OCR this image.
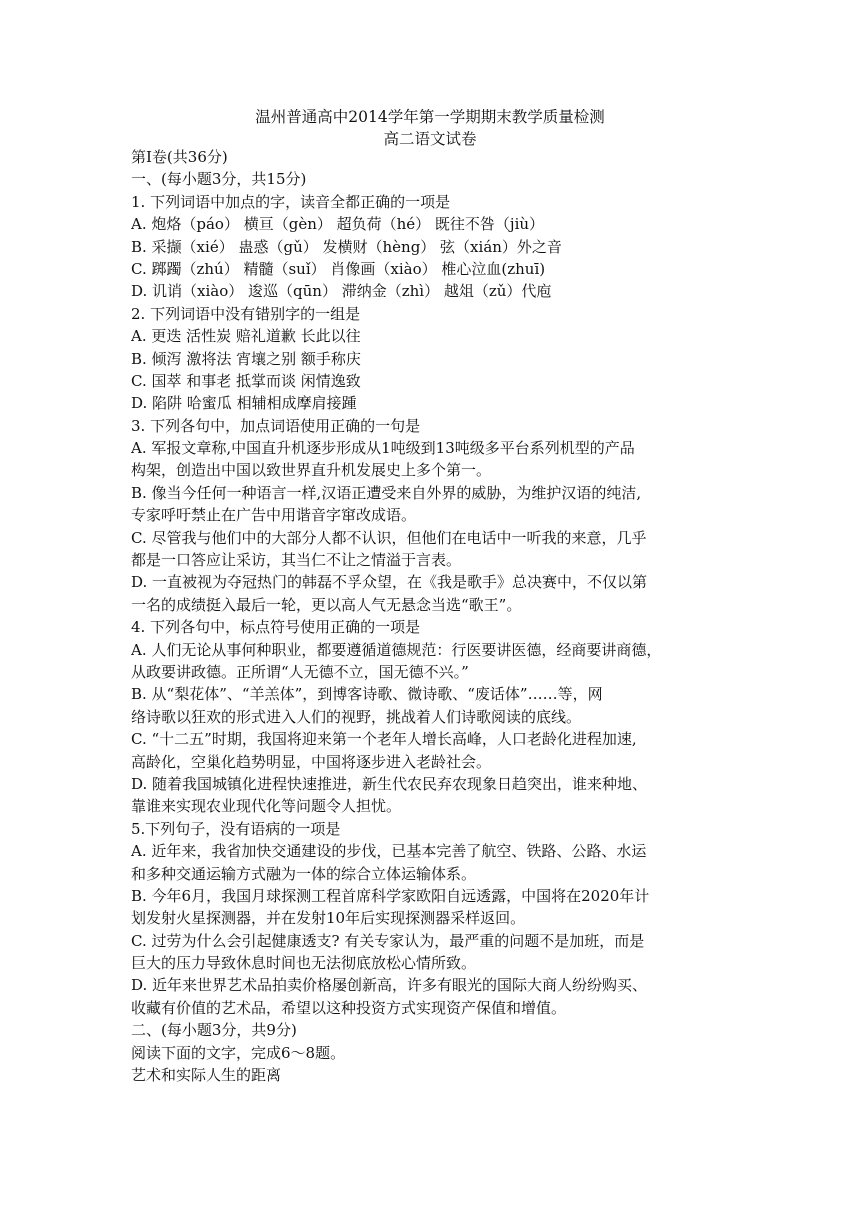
温州普通高中2014学年第一学期期末教学质量检测
高二语文试卷
第Ⅰ卷(共36分)
一、(每小题3分，共15分)
1. 下列词语中加点的字，读音全都正确的一项是
A. 炮烙（páo） 横亘（gèn） 超负荷（hé） 既往不咎（jiù）
B. 采撷（xié） 蛊惑（gǔ） 发横财（hèng） 弦（xián）外之音
C. 踯躅（zhú） 精髓（suǐ） 肖像画（xiào） 椎心泣血(zhuī)
D. 讥诮（xiào） 逡巡（qūn） 滞纳金（zhì） 越俎（zǔ）代庖
2. 下列词语中没有错别字的一组是
A. 更迭 活性炭 赔礼道歉 长此以往
B. 倾泻 激将法 宵壤之别 额手称庆
C. 国萃 和事老 抵掌而谈 闲情逸致
D. 陷阱 哈蜜瓜 相辅相成摩肩接踵
3. 下列各句中，加点词语使用正确的一句是
A. 军报文章称,中国直升机逐步形成从1吨级到13吨级多平台系列机型的产品
构架，创造出中国以致世界直升机发展史上多个第一。
B. 像当今任何一种语言一样,汉语正遭受来自外界的威胁，为维护汉语的纯洁,
专家呼吁禁止在广告中用谐音字窜改成语。
C. 尽管我与他们中的大部分人都不认识，但他们在电话中一听我的来意，几乎
都是一口答应让采访，其当仁不让之情溢于言表。
D. 一直被视为夺冠热门的韩磊不孚众望，在《我是歌手》总决赛中，不仅以第
一名的成绩挺入最后一轮，更以高人气无悬念当选“歌王”。
4. 下列各句中，标点符号使用正确的一项是
A. 人们无论从事何种职业，都要遵循道德规范：行医要讲医德，经商要讲商德，
从政要讲政德。正所谓“人无德不立，国无德不兴。”
B. 从“梨花体”、“羊羔体”，到博客诗歌、微诗歌、“废话体”……等，网
络诗歌以狂欢的形式进入人们的视野，挑战着人们诗歌阅读的底线。
C. “十二五”时期，我国将迎来第一个老年人增长高峰，人口老龄化进程加速,
高龄化，空巢化趋势明显，中国将逐步进入老龄社会。
D. 随着我国城镇化进程快速推进，新生代农民弃农现象日趋突出，谁来种地、
靠谁来实现农业现代化等问题令人担忧。
5.下列句子，没有语病的一项是
A. 近年来，我省加快交通建设的步伐，已基本完善了航空、铁路、公路、水运
和多种交通运输方式融为一体的综合立体运输体系。
B. 今年6月，我国月球探测工程首席科学家欧阳自远透露，中国将在2020年计
划发射火星探测器，并在发射10年后实现探测器采样返回。
C. 过劳为什么会引起健康透支? 有关专家认为，最严重的问题不是加班，而是
巨大的压力导致休息时间也无法彻底放松心情所致。
D. 近年来世界艺术品拍卖价格屡创新高，许多有眼光的国际大商人纷纷购买、
收藏有价值的艺术品，希望以这种投资方式实现资产保值和增值。
二、(每小题3分，共9分)
阅读下面的文字，完成6～8题。
艺术和实际人生的距离
